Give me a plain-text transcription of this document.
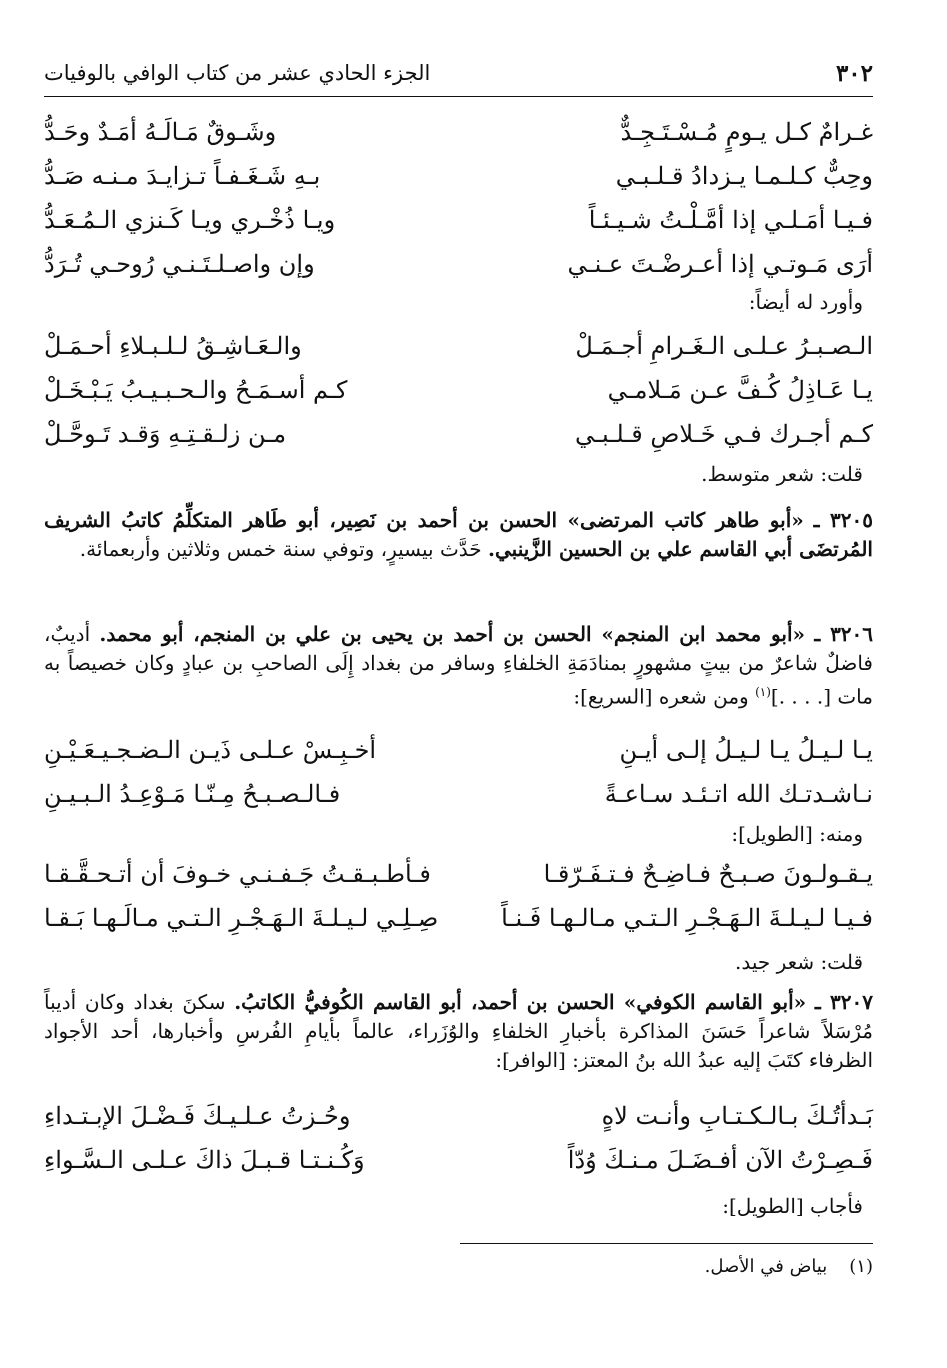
٣٠٢
الجزء الحادي عشر من كتاب الوافي بالوفيات
غـرامٌ كـل يـومٍ مُـسْـتَـجِـدٌّ
وشَـوقٌ مَـالَـهُ أمَـدٌ وحَـدُّ
وحِبٌّ كـلـمـا يـزدادُ قـلـبـي
بـهِ شَـغَـفـاً تـزايـدَ مـنـه صَـدُّ
فـيـا أمَـلـي إذا أمَّـلْـتُ شـيـئـاً
ويـا ذُخْـري ويـا كَـنزي الـمُـعَـدُّ
أرَى مَـوتـي إذا أعـرضْـتَ عـنـي
وإن واصـلـتَـنـي رُوحـي تُـرَدُّ
وأورد له أيضاً:
الـصـبـرُ عـلـى الـغَـرامِ أجـمَـلْ
والـعَـاشِـقُ لـلـبـلاءِ أحـمَـلْ
يـا عَـاذِلُ كُـفَّ عـن مَـلامـي
كـم أسـمَـحُ والـحـبـيـبُ يَـبْـخَـلْ
كـم أجـرك فـي خَـلاصِ قـلـبـي
مـن زلـقـتِـهِ وَقـد تَـوحَّـلْ
قلت: شعر متوسط.
٣٢٠٥ ـ «أبو طاهر كاتب المرتضى» الحسن بن أحمد بن نَصِير، أبو طَاهر المتكلِّمُ كاتبُ الشريف المُرتضَى أبي القاسم علي بن الحسين الزَّينبي. حَدَّث بيسيرٍ، وتوفي سنة خمس وثلاثين وأربعمائة.
٣٢٠٦ ـ «أبو محمد ابن المنجم» الحسن بن أحمد بن يحيى بن علي بن المنجم، أبو محمد. أديبٌ، فاضلٌ شاعرٌ من بيتٍ مشهورٍ بمنادَمَةِ الخلفاءِ وسافر من بغداد إِلَى الصاحبِ بن عبادٍ وكان خصيصاً به مات [. . . .]$^{(١)}$ ومن شعره [السريع]:
يـا لـيـلُ يـا لـيـلُ إلـى أيـنِ
أخـبِـسْ عـلـى ذَيـن الـضـجـيـعَـيْـنِ
نـاشـدتـك الله اتـئـد سـاعـةً
فـالـصـبـحُ مِـنّـا مَـوْعِـدُ الـبـيـنِ
ومنه: [الطويل]:
يـقـولـونَ صـبـحٌ فـاضِـحٌ فـتـفَـرّقـا
فـأطـبـقـتُ جَـفـنـي خـوفَ أن أتـحـقَّـقـا
فـيـا لـيـلـةَ الـهَـجْـرِ الـتـي مـالـهـا فَـنـاً
صِـلِـي لـيـلـةَ الـهَـجْـرِ الـتـي مـالَـهـا بَـقـا
قلت: شعر جيد.
٣٢٠٧ ـ «أبو القاسم الكوفي» الحسن بن أحمد، أبو القاسم الكُوفيُّ الكاتبُ. سكنَ بغداد وكان أديباً مُرْسَلاً شاعراً حَسَنَ المذاكرة بأخبارِ الخلفاءِ والوُزَراء، عالماً بأيامِ الفُرسِ وأخبارها، أحد الأجواد الظرفاء كتَبَ إليه عبدُ الله بنُ المعتز: [الوافر]:
بَـدأتُـكَ بـالـكـتـابِ وأنـت لاهٍ
وحُـزتُ عـلـيـكَ فَـضْـلَ الإبـتـداءِ
فَـصِـرْتُ الآن أفـضَـلَ مـنـكَ وُدّاً
وَكُـنـتـا قـبـلَ ذاكَ عـلـى الـسَّـواءِ
فأجاب [الطويل]:
(١)
بياض في الأصل.
